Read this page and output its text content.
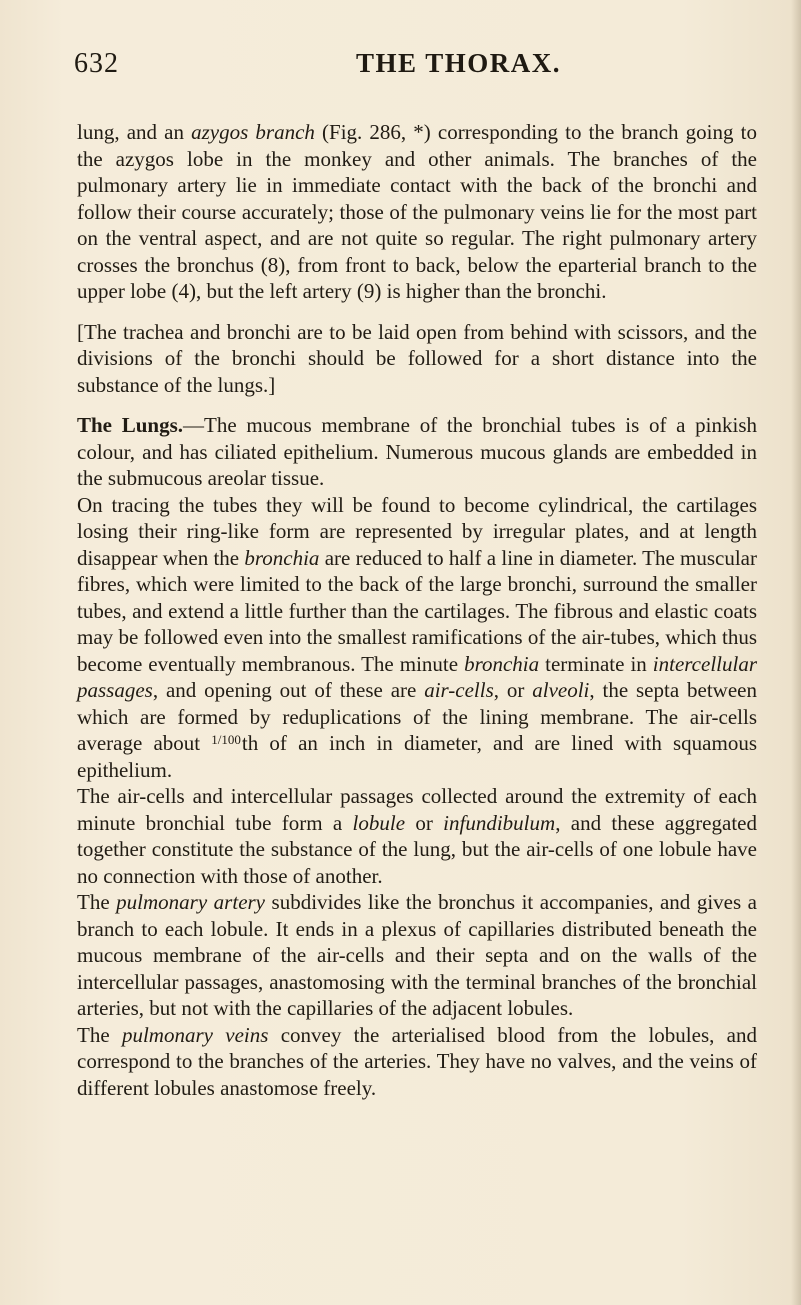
632	THE THORAX.

lung, and an azygos branch (Fig. 286, *) corresponding to the branch going to the azygos lobe in the monkey and other animals. The branches of the pulmonary artery lie in immediate contact with the back of the bronchi and follow their course accurately; those of the pulmonary veins lie for the most part on the ventral aspect, and are not quite so regular. The right pulmonary artery crosses the bronchus (8), from front to back, below the eparterial branch to the upper lobe (4), but the left artery (9) is higher than the bronchi.

[The trachea and bronchi are to be laid open from behind with scissors, and the divisions of the bronchi should be followed for a short distance into the substance of the lungs.]

The Lungs.—The mucous membrane of the bronchial tubes is of a pinkish colour, and has ciliated epithelium. Numerous mucous glands are embedded in the submucous areolar tissue.

On tracing the tubes they will be found to become cylindrical, the cartilages losing their ring-like form are represented by irregular plates, and at length disappear when the bronchia are reduced to half a line in diameter. The muscular fibres, which were limited to the back of the large bronchi, surround the smaller tubes, and extend a little further than the cartilages. The fibrous and elastic coats may be followed even into the smallest ramifications of the air-tubes, which thus become eventually membranous. The minute bronchia terminate in intercellular passages, and opening out of these are air-cells, or alveoli, the septa between which are formed by reduplications of the lining membrane. The air-cells average about 1/100th of an inch in diameter, and are lined with squamous epithelium.

The air-cells and intercellular passages collected around the extremity of each minute bronchial tube form a lobule or infundibulum, and these aggregated together constitute the substance of the lung, but the air-cells of one lobule have no connection with those of another.

The pulmonary artery subdivides like the bronchus it accompanies, and gives a branch to each lobule. It ends in a plexus of capillaries distributed beneath the mucous membrane of the air-cells and their septa and on the walls of the intercellular passages, anastomosing with the terminal branches of the bronchial arteries, but not with the capillaries of the adjacent lobules.

The pulmonary veins convey the arterialised blood from the lobules, and correspond to the branches of the arteries. They have no valves, and the veins of different lobules anastomose freely.
